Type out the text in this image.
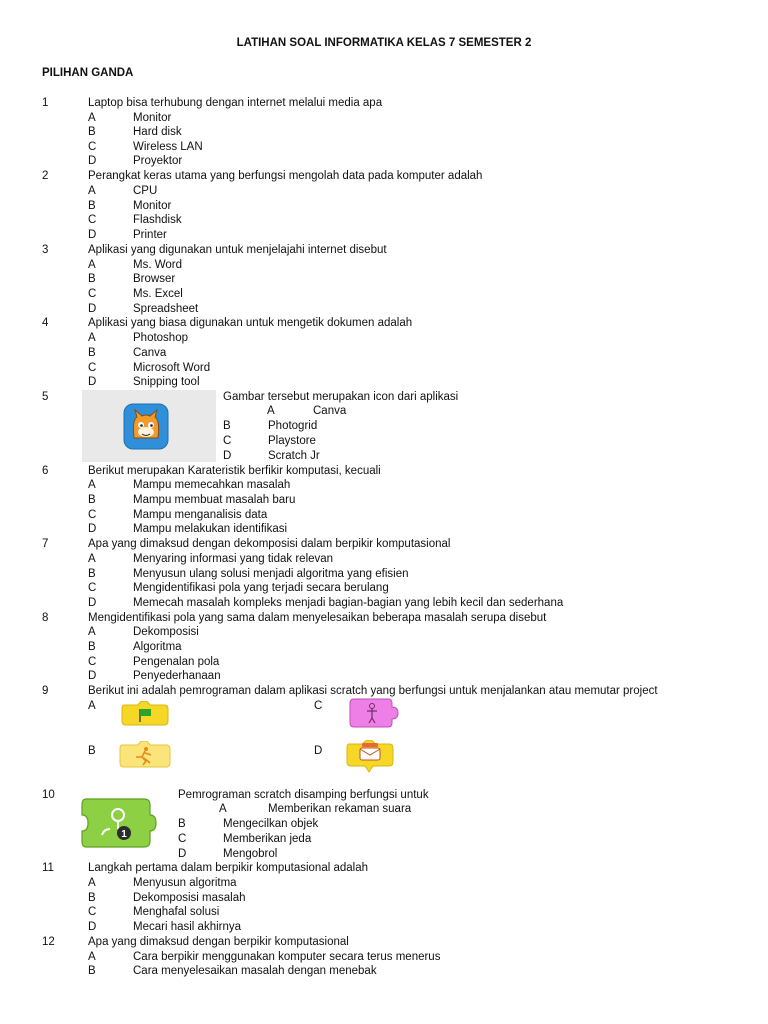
LATIHAN SOAL INFORMATIKA KELAS 7 SEMESTER 2
PILIHAN GANDA
1	Laptop bisa terhubung dengan internet melalui media apa
A	Monitor
B	Hard disk
C	Wireless LAN
D	Proyektor
2	Perangkat keras utama yang berfungsi mengolah data pada komputer adalah
A	CPU
B	Monitor
C	Flashdisk
D	Printer
3	Aplikasi yang digunakan untuk menjelajahi internet disebut
A	Ms. Word
B	Browser
C	Ms. Excel
D	Spreadsheet
4	Aplikasi yang biasa digunakan untuk mengetik dokumen adalah
A	Photoshop
B	Canva
C	Microsoft Word
D	Snipping tool
5	Gambar tersebut merupakan icon dari aplikasi
A	Canva
B	Photogrid
C	Playstore
D	Scratch Jr
6	Berikut merupakan Karateristik berfikir komputasi, kecuali
A	Mampu memecahkan masalah
B	Mampu membuat masalah baru
C	Mampu menganalisis data
D	Mampu melakukan identifikasi
7	Apa yang dimaksud dengan dekomposisi dalam berpikir komputasional
A	Menyaring informasi yang tidak relevan
B	Menyusun ulang solusi menjadi algoritma yang efisien
C	Mengidentifikasi pola yang terjadi secara berulang
D	Memecah masalah kompleks menjadi bagian-bagian yang lebih kecil dan sederhana
8	Mengidentifikasi pola yang sama dalam menyelesaikan beberapa masalah serupa disebut
A	Dekomposisi
B	Algoritma
C	Pengenalan pola
D	Penyederhanaan
9	Berikut ini adalah pemrograman dalam aplikasi scratch yang berfungsi untuk menjalankan atau memutar project
A	C
B	D
10
1
Pemrograman scratch disamping berfungsi untuk
A	Memberikan rekaman suara
B	Mengecilkan objek
C	Memberikan jeda
D	Mengobrol
11	Langkah pertama dalam berpikir komputasional adalah
A	Menyusun algoritma
B	Dekomposisi masalah
C	Menghafal solusi
D	Mecari hasil akhirnya
12	Apa yang dimaksud dengan berpikir komputasional
A	Cara berpikir menggunakan komputer secara terus menerus
B	Cara menyelesaikan masalah dengan menebak
